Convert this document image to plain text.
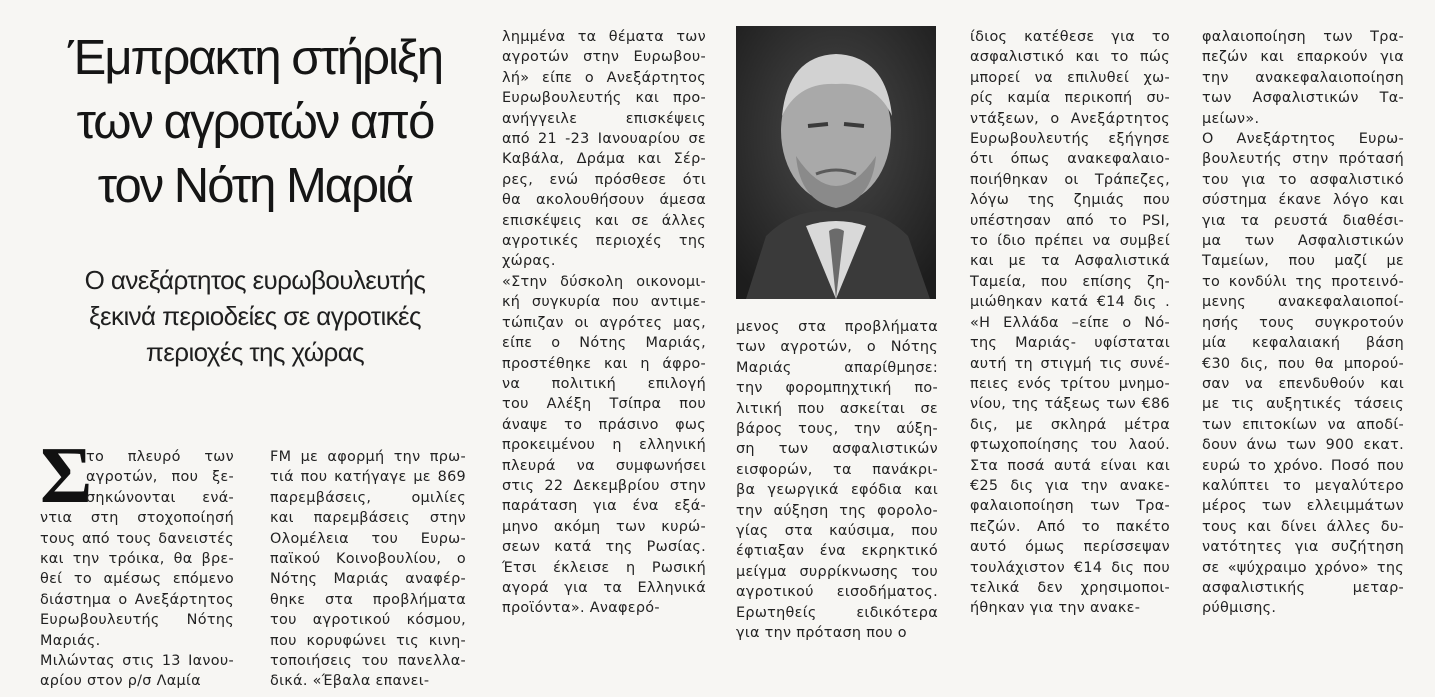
Έμπρακτη στήριξη
των αγροτών από
τον Νότη Μαριά
Ο ανεξάρτητος ευρωβουλευτής
ξεκινά περιοδείες σε αγροτικές
περιοχές της χώρας
Σ
το πλευρό των
αγροτών, που ξε-
σηκώνονται ενά-
ντια στη στοχοποίησή
τους από τους δανειστές
και την τρόικα, θα βρε-
θεί το αμέσως επόμενο
διάστημα ο Ανεξάρτητος
Ευρωβουλευτής Νότης
Μαριάς.
Μιλώντας στις 13 Ιανου-
αρίου στον ρ/σ Λαμία
FM με αφορμή την πρω-
τιά που κατήγαγε με 869
παρεμβάσεις, ομιλίες
και παρεμβάσεις στην
Ολομέλεια του Ευρω-
παϊκού Κοινοβουλίου, ο
Νότης Μαριάς αναφέρ-
θηκε στα προβλήματα
του αγροτικού κόσμου,
που κορυφώνει τις κινη-
τοποιήσεις του πανελλα-
δικά. «Έβαλα επανει-
λημμένα τα θέματα των
αγροτών στην Ευρωβου-
λή» είπε ο Ανεξάρτητος
Ευρωβουλευτής και προ-
ανήγγειλε επισκέψεις
από 21 -23 Ιανουαρίου σε
Καβάλα, Δράμα και Σέρ-
ρες, ενώ πρόσθεσε ότι
θα ακολουθήσουν άμεσα
επισκέψεις και σε άλλες
αγροτικές περιοχές της
χώρας.
«Στην δύσκολη οικονομι-
κή συγκυρία που αντιμε-
τώπιζαν οι αγρότες μας,
είπε ο Νότης Μαριάς,
προστέθηκε και η άφρο-
να πολιτική επιλογή
του Αλέξη Τσίπρα που
άναψε το πράσινο φως
προκειμένου η ελληνική
πλευρά να συμφωνήσει
στις 22 Δεκεμβρίου στην
παράταση για ένα εξά-
μηνο ακόμη των κυρώ-
σεων κατά της Ρωσίας.
Έτσι έκλεισε η Ρωσική
αγορά για τα Ελληνικά
προϊόντα». Αναφερό-
μενος στα προβλήματα
των αγροτών, ο Νότης
Μαριάς απαρίθμησε:
την φορομπηχτική πο-
λιτική που ασκείται σε
βάρος τους, την αύξη-
ση των ασφαλιστικών
εισφορών, τα πανάκρι-
βα γεωργικά εφόδια και
την αύξηση της φορολο-
γίας στα καύσιμα, που
έφτιαξαν ένα εκρηκτικό
μείγμα συρρίκνωσης του
αγροτικού εισοδήματος.
Ερωτηθείς ειδικότερα
για την πρόταση που ο
ίδιος κατέθεσε για το
ασφαλιστικό και το πώς
μπορεί να επιλυθεί χω-
ρίς καμία περικοπή συ-
ντάξεων, ο Ανεξάρτητος
Ευρωβουλευτής εξήγησε
ότι όπως ανακεφαλαιο-
ποιήθηκαν οι Τράπεζες,
λόγω της ζημιάς που
υπέστησαν από το PSI,
το ίδιο πρέπει να συμβεί
και με τα Ασφαλιστικά
Ταμεία, που επίσης ζη-
μιώθηκαν κατά €14 δις .
«Η Ελλάδα –είπε ο Νό-
της Μαριάς- υφίσταται
αυτή τη στιγμή τις συνέ-
πειες ενός τρίτου μνημο-
νίου, της τάξεως των €86
δις, με σκληρά μέτρα
φτωχοποίησης του λαού.
Στα ποσά αυτά είναι και
€25 δις για την ανακε-
φαλαιοποίηση των Τρα-
πεζών. Από το πακέτο
αυτό όμως περίσσεψαν
τουλάχιστον €14 δις που
τελικά δεν χρησιμοποι-
ήθηκαν για την ανακε-
φαλαιοποίηση των Τρα-
πεζών και επαρκούν για
την ανακεφαλαιοποίηση
των Ασφαλιστικών Τα-
μείων».
Ο Ανεξάρτητος Ευρω-
βουλευτής στην πρότασή
του για το ασφαλιστικό
σύστημα έκανε λόγο και
για τα ρευστά διαθέσι-
μα των Ασφαλιστικών
Ταμείων, που μαζί με
το κονδύλι της προτεινό-
μενης ανακεφαλαιοποί-
ησής τους συγκροτούν
μία κεφαλαιακή βάση
€30 δις, που θα μπορού-
σαν να επενδυθούν και
με τις αυξητικές τάσεις
των επιτοκίων να αποδί-
δουν άνω των 900 εκατ.
ευρώ το χρόνο. Ποσό που
καλύπτει το μεγαλύτερο
μέρος των ελλειμμάτων
τους και δίνει άλλες δυ-
νατότητες για συζήτηση
σε «ψύχραιμο χρόνο» της
ασφαλιστικής μεταρ-
ρύθμισης.
